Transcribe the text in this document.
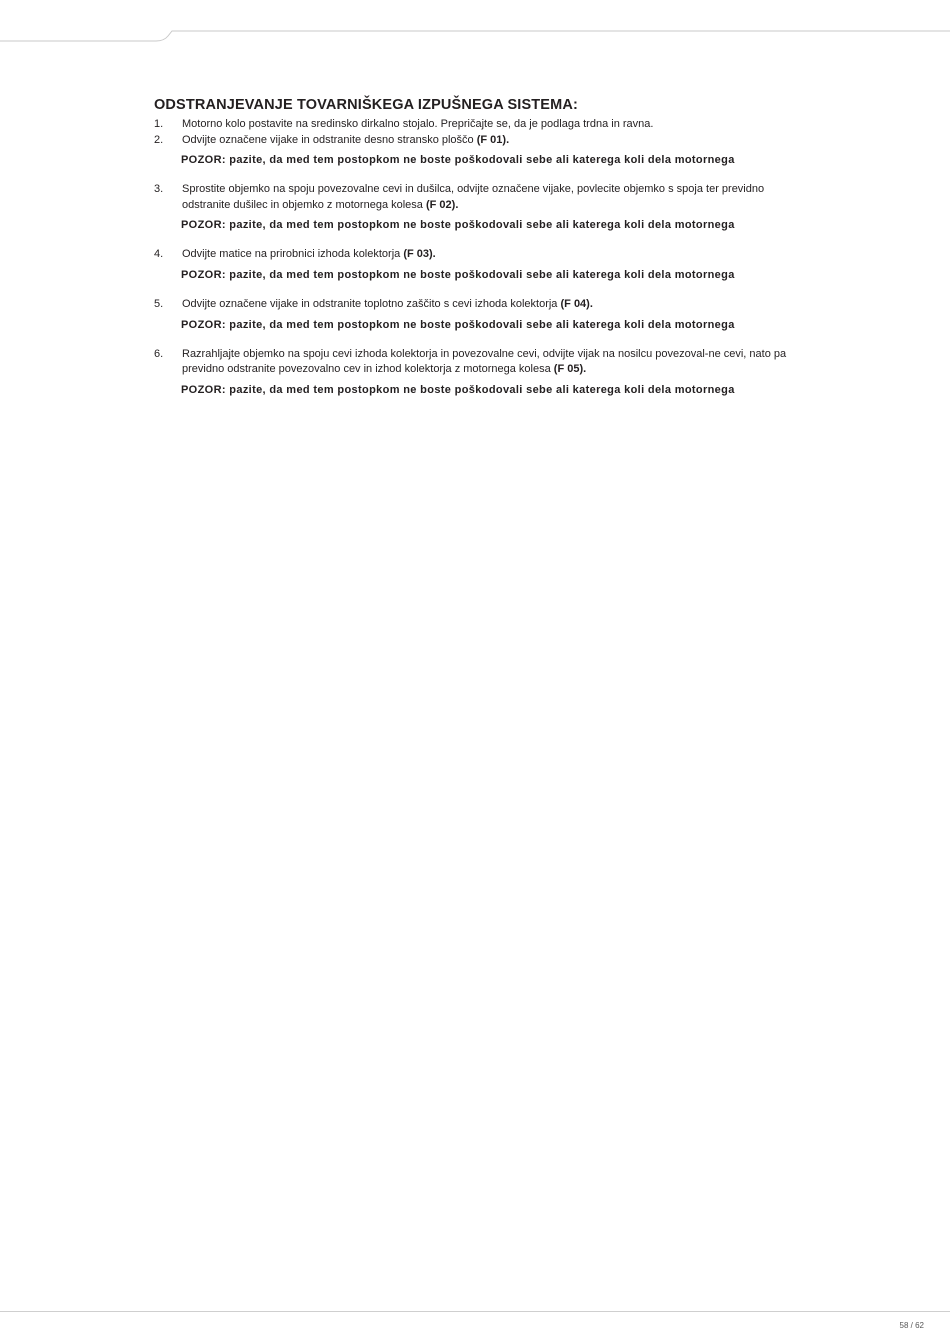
ODSTRANJEVANJE TOVARNIŠKEGA IZPUŠNEGA SISTEMA:
1. Motorno kolo postavite na sredinsko dirkalno stojalo. Prepričajte se, da je podlaga trdna in ravna.
2. Odvijte označene vijake in odstranite desno stransko ploščo (F 01).
POZOR: pazite, da med tem postopkom ne boste poškodovali sebe ali katerega koli dela motornega
3. Sprostite objemko na spoju povezovalne cevi in dušilca, odvijte označene vijake, povlecite objemko s spoja ter previdno odstranite dušilec in objemko z motornega kolesa (F 02).
POZOR: pazite, da med tem postopkom ne boste poškodovali sebe ali katerega koli dela motornega
4. Odvijte matice na prirobnici izhoda kolektorja (F 03).
POZOR: pazite, da med tem postopkom ne boste poškodovali sebe ali katerega koli dela motornega
5. Odvijte označene vijake in odstranite toplotno zaščito s cevi izhoda kolektorja (F 04).
POZOR: pazite, da med tem postopkom ne boste poškodovali sebe ali katerega koli dela motornega
6. Razrahljajte objemko na spoju cevi izhoda kolektorja in povezovalne cevi, odvijte vijak na nosilcu povezoval-ne cevi, nato pa previdno odstranite povezovalno cev in izhod kolektorja z motornega kolesa (F 05).
POZOR: pazite, da med tem postopkom ne boste poškodovali sebe ali katerega koli dela motornega
58 / 62
